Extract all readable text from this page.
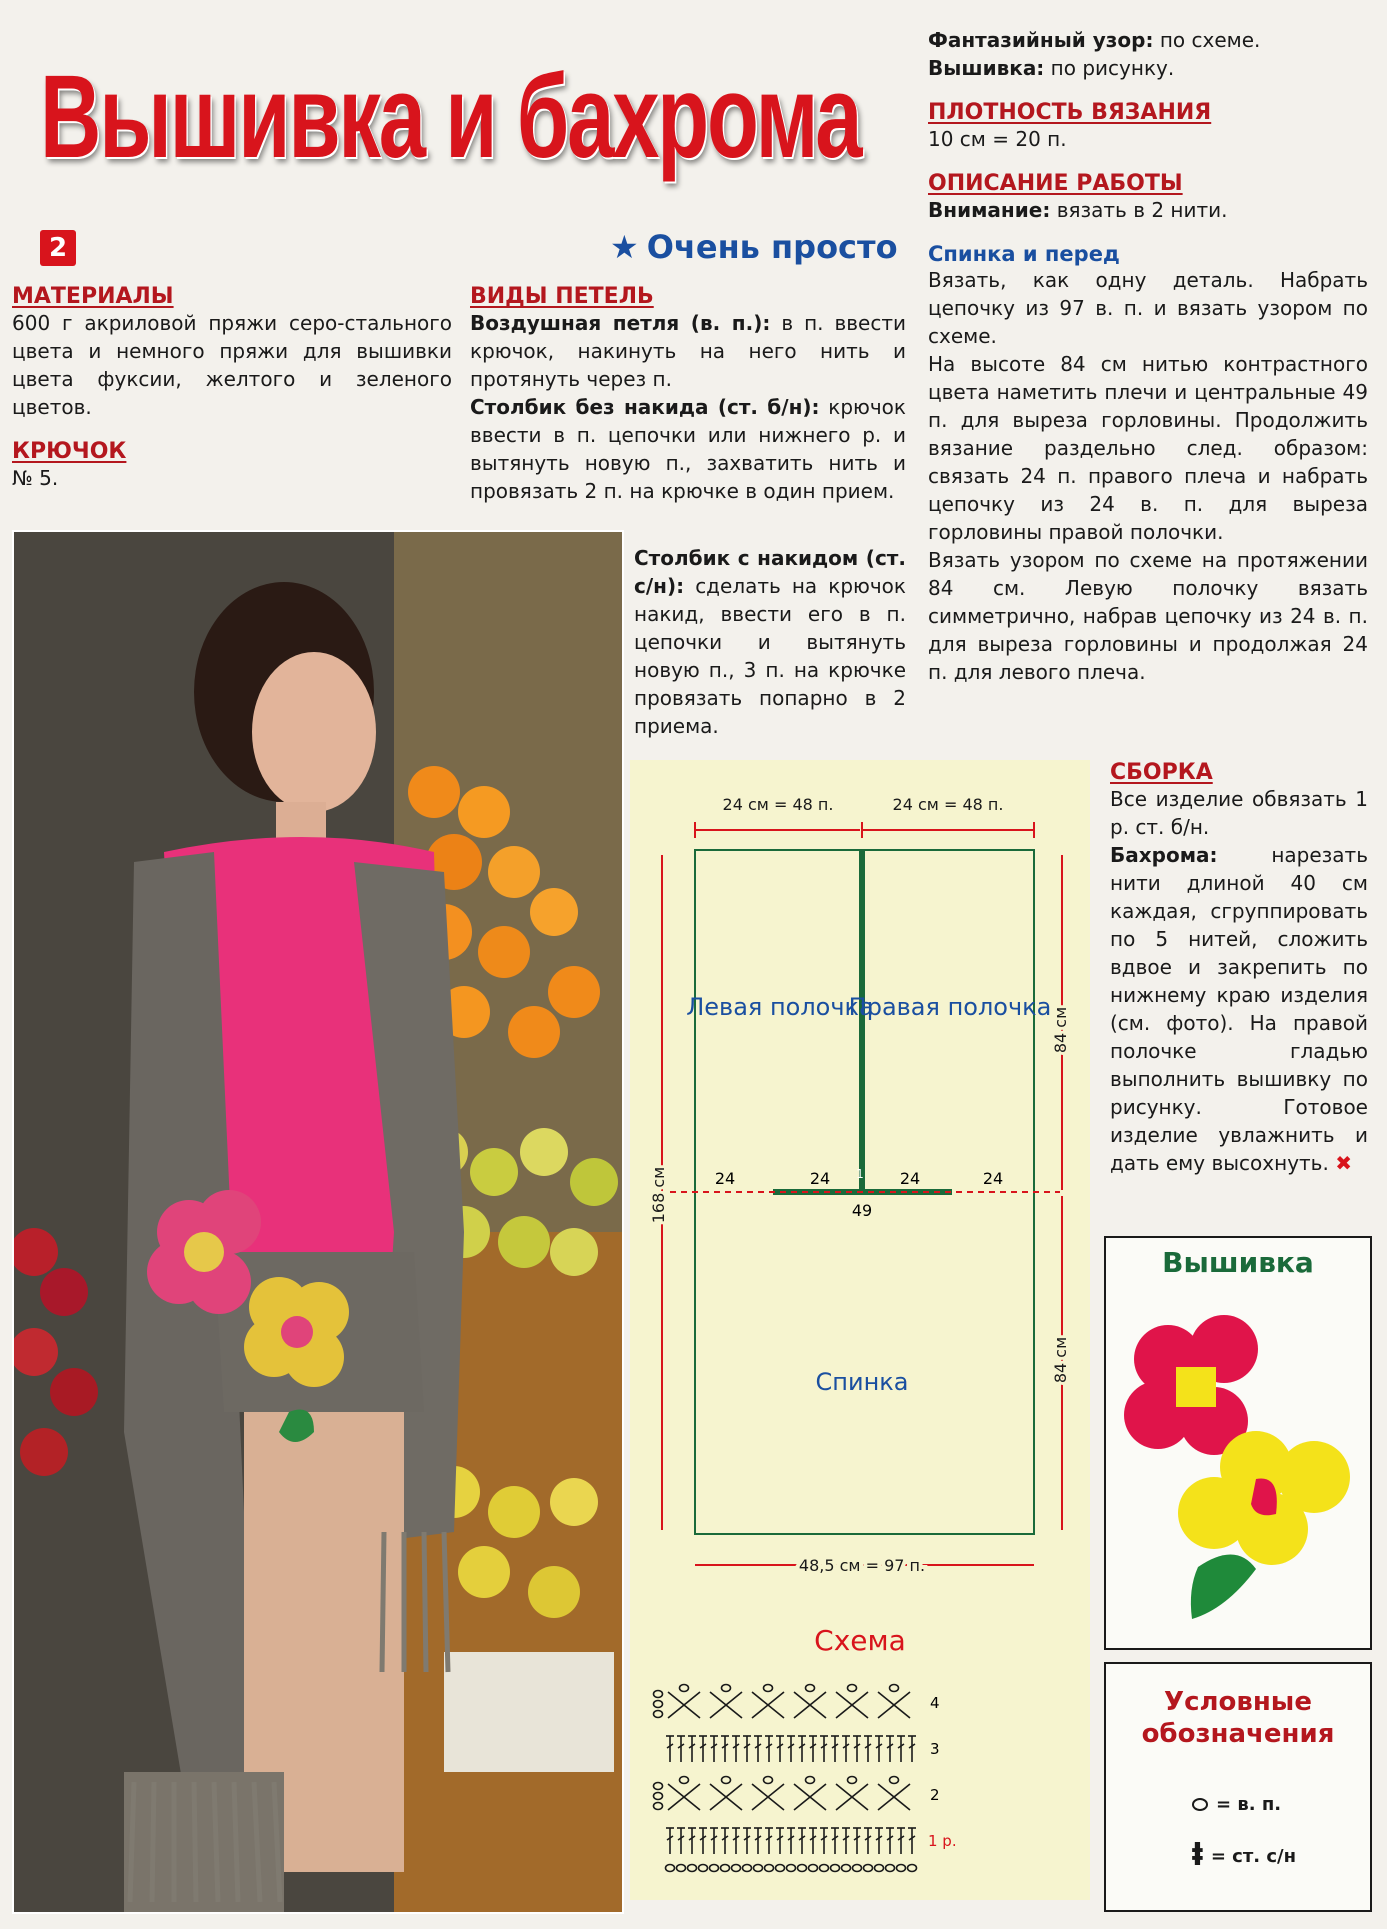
Вышивка и бахрома
2	★ Очень просто
МАТЕРИАЛЫ
600 г акриловой пряжи серо-стального цвета и немного пряжи для вышивки цвета фуксии, желтого и зеленого цветов.
КРЮЧОК
№ 5.
ВИДЫ ПЕТЕЛЬ
Воздушная петля (в. п.): в п. ввести крючок, накинуть на него нить и протянуть через п.
Столбик без накида (ст. б/н): крючок ввести в п. цепочки или нижнего р. и вытянуть новую п., захватить нить и провязать 2 п. на крючке в один прием.
Столбик с накидом (ст. с/н): сделать на крючок накид, ввести его в п. цепочки и вытянуть новую п., 3 п. на крючке провязать попарно в 2 приема.
Фантазийный узор: по схеме.
Вышивка: по рисунку.
ПЛОТНОСТЬ ВЯЗАНИЯ
10 см = 20 п.
ОПИСАНИЕ РАБОТЫ
Внимание: вязать в 2 нити.
Спинка и перед
Вязать, как одну деталь. Набрать цепочку из 97 в. п. и вязать узором по схеме.
На высоте 84 см нитью контрастного цвета наметить плечи и центральные 49 п. для выреза горловины. Продолжить вязание раздельно след. образом: связать 24 п. правого плеча и набрать цепочку из 24 в. п. для выреза горловины правой полочки.
Вязать узором по схеме на протяжении 84 см. Левую полочку вязать симметрично, набрав цепочку из 24 в. п. для выреза горловины и продолжая 24 п. для левого плеча.
СБОРКА
Все изделие обвязать 1 р. ст. б/н.
Бахрома:	нарезать нити длиной 40 см каждая, сгруппировать по 5 нитей, сложить вдвое и закрепить по нижнему краю изделия (см. фото). На правой полочке гладью выполнить вышивку по рисунку. Готовое изделие увлажнить и дать ему высохнуть. ✖
24 см = 48 п.	24 см = 48 п.
Левая полочка
Правая полочка
Спинка
24	24	24	24
49
1
168 см
84 см
84 см
48,5 см = 97 п.
Схема
4
3
2
1 р.
Вышивка
Условные обозначения
= в. п.
ⱡ = ст. с/н
